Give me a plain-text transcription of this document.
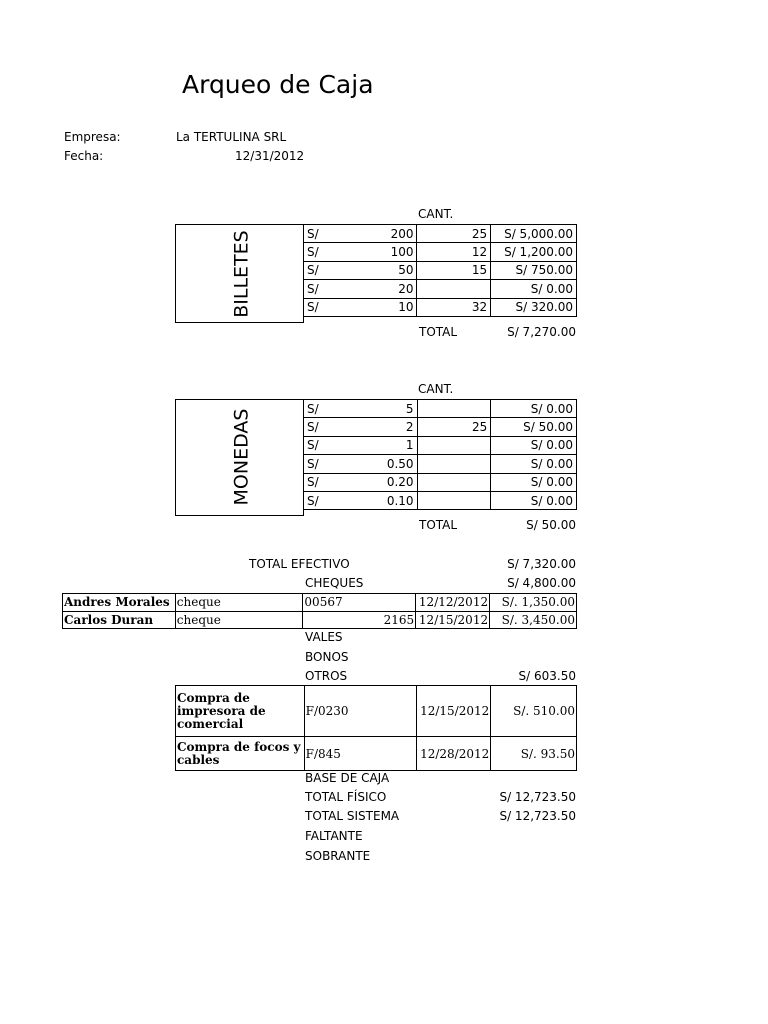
Arqueo de Caja
Empresa:	La TERTULINA SRL
Fecha:	12/31/2012
CANT.
BILLETES	S/ 200	25	S/ 5,000.00
S/ 100	12	S/ 1,200.00
S/ 50	15	S/ 750.00
S/ 20		S/ 0.00
S/ 10	32	S/ 320.00
TOTAL	S/ 7,270.00
CANT.
MONEDAS	S/ 5		S/ 0.00
S/ 2	25	S/ 50.00
S/ 1		S/ 0.00
S/ 0.50		S/ 0.00
S/ 0.20		S/ 0.00
S/ 0.10		S/ 0.00
TOTAL	S/ 50.00
TOTAL EFECTIVO	S/ 7,320.00
CHEQUES	S/ 4,800.00
Andres Morales	cheque	00567	12/12/2012	S/. 1,350.00
Carlos Duran	cheque	2165	12/15/2012	S/. 3,450.00
VALES
BONOS
OTROS	S/ 603.50
Compra de impresora de comercial	F/0230	12/15/2012	S/. 510.00
Compra de focos y cables	F/845	12/28/2012	S/. 93.50
BASE DE CAJA
TOTAL FÍSICO	S/ 12,723.50
TOTAL SISTEMA	S/ 12,723.50
FALTANTE
SOBRANTE
